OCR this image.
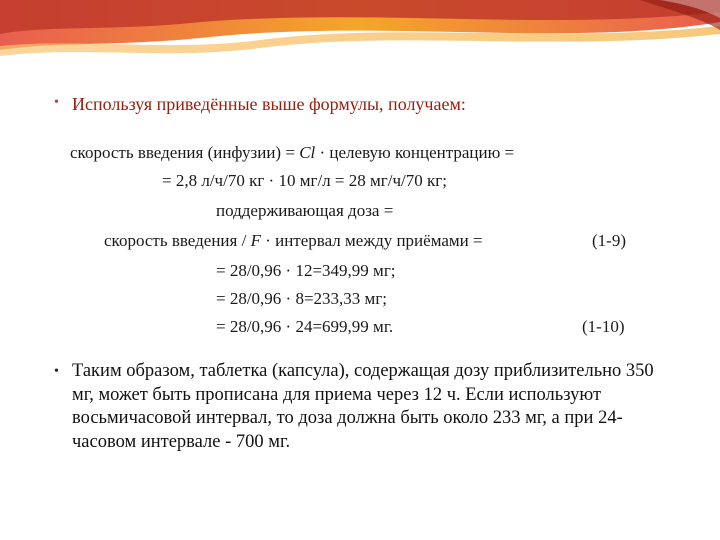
• Используя приведённые выше формулы, получаем:
скорость введения (инфузии) = Cl · целевую концентрацию =
= 2,8 л/ч/70 кг · 10 мг/л = 28 мг/ч/70 кг;
поддерживающая доза =
скорость введения / F · интервал между приёмами =	(1-9)
= 28/0,96 · 12=349,99 мг;
= 28/0,96 · 8=233,33 мг;
= 28/0,96 · 24=699,99 мг.	(1-10)
• Таким образом, таблетка (капсула), содержащая дозу приблизительно 350 мг, может быть прописана для приема через 12 ч. Если используют восьмичасовой интервал, то доза должна быть около 233 мг, а при 24-часовом интервале - 700 мг.
